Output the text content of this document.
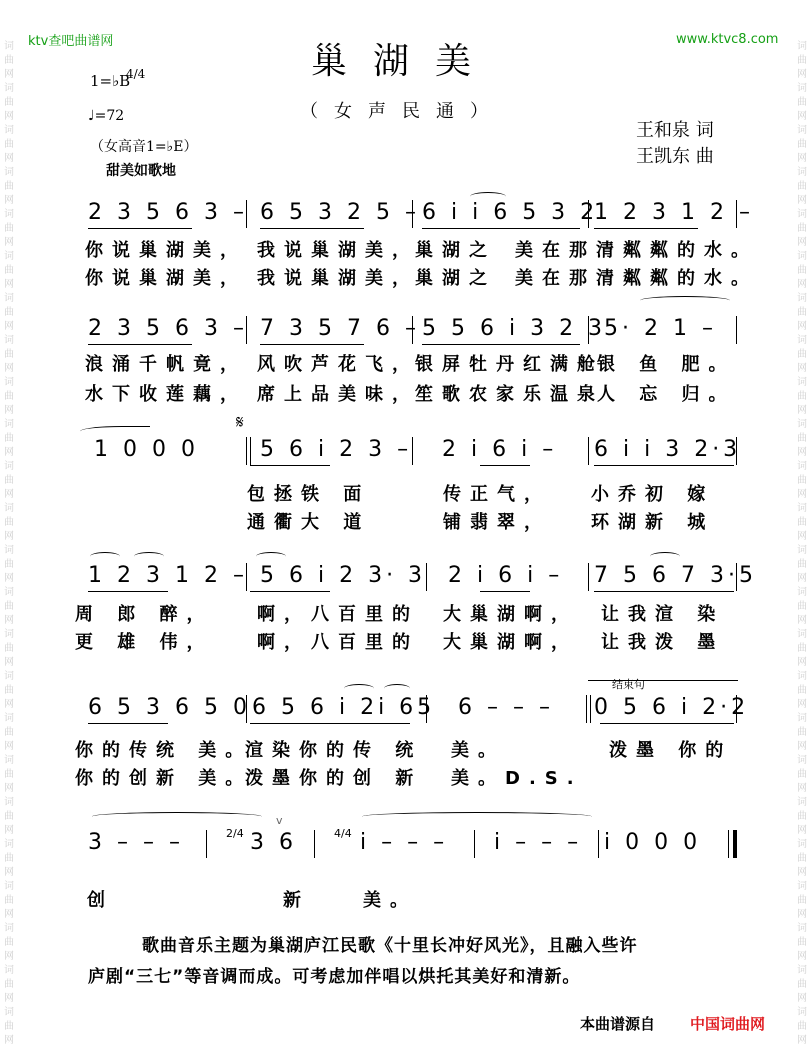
词
曲
网
词
曲
网
词
曲
网
词
曲
网
词
曲
网
词
曲
网
词
曲
网
词
曲
网
词
曲
网
词
曲
网
词
曲
网
词
曲
网
词
曲
网
词
曲
网
词
曲
网
词
曲
网
词
曲
网
词
曲
网
词
曲
网
词
曲
网
词
曲
网
词
曲
网
词
曲
网
词
曲
网
词
曲
网
词
曲
网
词
曲
网
词
曲
网
词
曲
网
词
曲
网
词
曲
网
词
曲
网
词
曲
网
词
曲
网
词
曲
网
词
曲
网
词
曲
网
词
曲
网
词
曲
网
词
曲
网
词
曲
网
词
曲
网
词
曲
网
词
曲
网
词
曲
网
词
曲
网
词
曲
网
词
曲
网
ktv查吧曲谱网	www.ktvc8.com
巢湖美
（女声民通）
王和泉 词
王凯东 曲
1=♭B
4/4
♩=72
（女高音1=♭E）
甜美如歌地
2 3 5 6 3 – 6 5 3 2 5 – 6 i i 6 5 3 2
1 2 3 1 2 –
你说巢湖美， 我说巢湖美，
巢湖之 美在那清粼粼的水。
你说巢湖美， 我说巢湖美，
巢湖之 美在那清粼粼的水。
2 3 5 6 3 – 7 3 5 7 6 – 5 5 6 i 3 2 3
5· 2 1 –
浪涌千帆竟， 风吹芦花飞，
银屏牡丹红满舱
银 鱼 肥。
水下收莲藕， 席上品美味，
笙歌农家乐温泉
人 忘 归。
𝄋
1 0 0 0	5 6 i 2 3 – 2 i 6 i – 6 i i 3 2·3
包拯铁 面	传正气， 小乔初 嫁
通衢大 道	铺翡翠， 环湖新 城
1 2 3 1 2 – 5 6 i 2 3· 3 2 i 6 i – 7 5 6 7 3·5
周 郎 醉， 啊，八百里的 大巢湖啊， 让我渲 染
更 雄 伟， 啊，八百里的 大巢湖啊， 让我泼 墨
结束句
6 5 3 6 5 0 6 5 6 i 2i 65 6 – – – 0 5 6 i 2·2
你的传统 美。
渲染你的传 统 美。	泼墨 你的
你的创新 美。
泼墨你的创 新 美。D.S.
v
3 – – –	2/4 3 6	4/4 i – – – i – – – i 0 0 0
创	新	美。
歌曲音乐主题为巢湖庐江民歌《十里长冲好风光》，且融入些许
庐剧“三七”等音调而成。可考虑加伴唱以烘托其美好和清新。
本曲谱源自 中国词曲网
